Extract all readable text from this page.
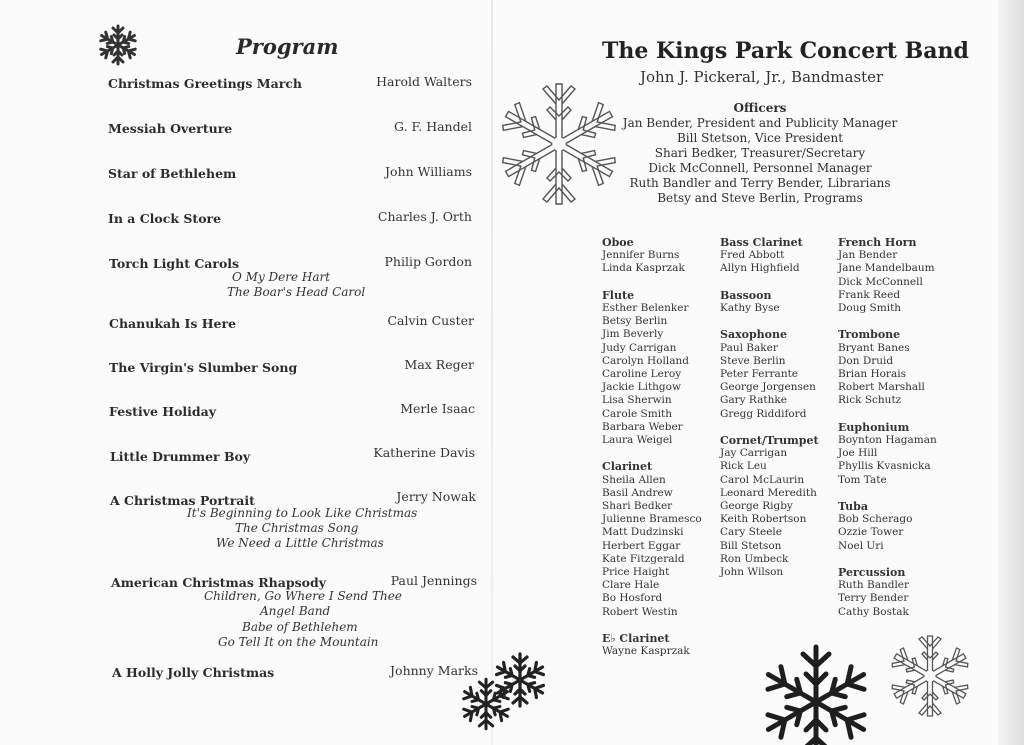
Program
Christmas Greetings March	Harold Walters
Messiah Overture	G. F. Handel
Star of Bethlehem	John Williams
In a Clock Store	Charles J. Orth
Torch Light Carols	Philip Gordon
O My Dere Hart
The Boar's Head Carol
Chanukah Is Here	Calvin Custer
The Virgin's Slumber Song	Max Reger
Festive Holiday	Merle Isaac
Little Drummer Boy	Katherine Davis
A Christmas Portrait	Jerry Nowak
It's Beginning to Look Like Christmas
The Christmas Song
We Need a Little Christmas
American Christmas Rhapsody	Paul Jennings
Children, Go Where I Send Thee
Angel Band
Babe of Bethlehem
Go Tell It on the Mountain
A Holly Jolly Christmas	Johnny Marks
The Kings Park Concert Band
John J. Pickeral, Jr., Bandmaster
Officers
Jan Bender, President and Publicity Manager
Bill Stetson, Vice President
Shari Bedker, Treasurer/Secretary
Dick McConnell, Personnel Manager
Ruth Bandler and Terry Bender, Librarians
Betsy and Steve Berlin, Programs
Oboe
Jennifer Burns
Linda Kasprzak
Flute
Esther Belenker
Betsy Berlin
Jim Beverly
Judy Carrigan
Carolyn Holland
Caroline Leroy
Jackie Lithgow
Lisa Sherwin
Carole Smith
Barbara Weber
Laura Weigel
Clarinet
Sheila Allen
Basil Andrew
Shari Bedker
Julienne Bramesco
Matt Dudzinski
Herbert Eggar
Kate Fitzgerald
Price Haight
Clare Hale
Bo Hosford
Robert Westin
E♭ Clarinet
Wayne Kasprzak
Bass Clarinet
Fred Abbott
Allyn Highfield
Bassoon
Kathy Byse
Saxophone
Paul Baker
Steve Berlin
Peter Ferrante
George Jorgensen
Gary Rathke
Gregg Riddiford
Cornet/Trumpet
Jay Carrigan
Rick Leu
Carol McLaurin
Leonard Meredith
George Rigby
Keith Robertson
Cary Steele
Bill Stetson
Ron Umbeck
John Wilson
French Horn
Jan Bender
Jane Mandelbaum
Dick McConnell
Frank Reed
Doug Smith
Trombone
Bryant Banes
Don Druid
Brian Horais
Robert Marshall
Rick Schutz
Euphonium
Boynton Hagaman
Joe Hill
Phyllis Kvasnicka
Tom Tate
Tuba
Bob Scherago
Ozzie Tower
Noel Uri
Percussion
Ruth Bandler
Terry Bender
Cathy Bostak
